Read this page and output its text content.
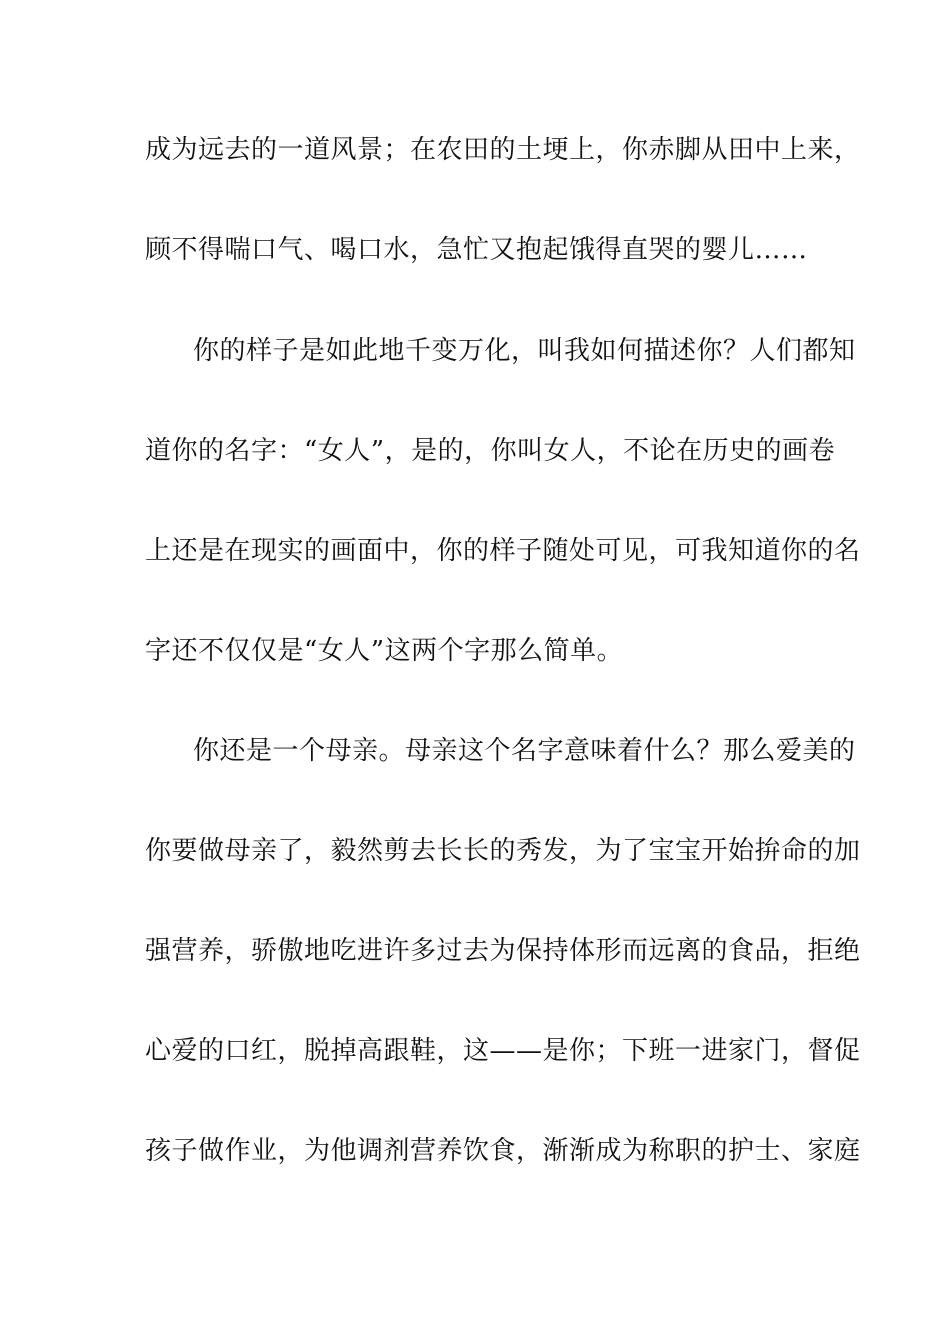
成为远去的一道风景；在农田的土埂上，你赤脚从田中上来，
顾不得喘口气、喝口水，急忙又抱起饿得直哭的婴儿……
你的样子是如此地千变万化，叫我如何描述你？人们都知
道你的名字：“女人”，是的，你叫女人，不论在历史的画卷
上还是在现实的画面中，你的样子随处可见，可我知道你的名
字还不仅仅是“女人”这两个字那么简单。
你还是一个母亲。母亲这个名字意味着什么？那么爱美的
你要做母亲了，毅然剪去长长的秀发，为了宝宝开始拚命的加
强营养，骄傲地吃进许多过去为保持体形而远离的食品，拒绝
心爱的口红，脱掉高跟鞋，这——是你；下班一进家门，督促
孩子做作业，为他调剂营养饮食，渐渐成为称职的护士、家庭
